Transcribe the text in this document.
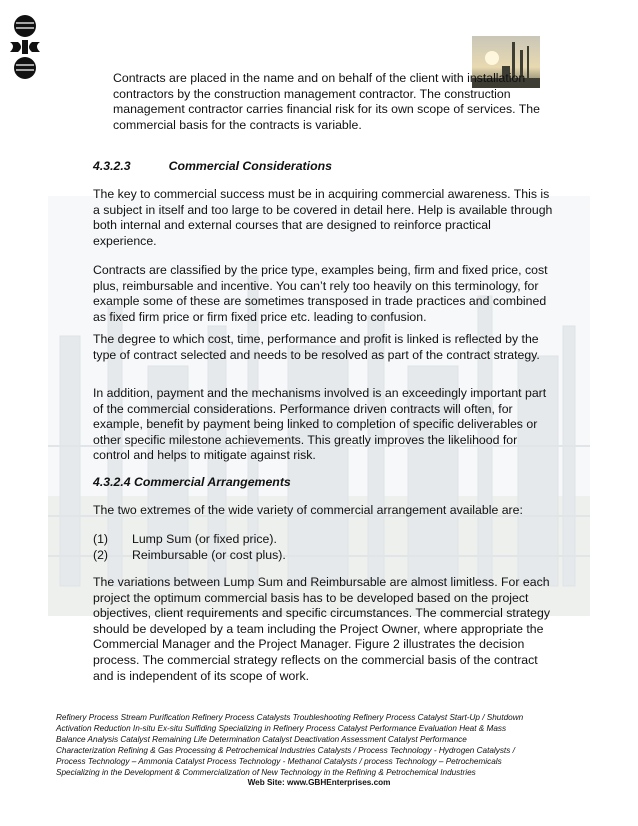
Contracts are placed in the name and on behalf of the client with installation contractors by the construction management contractor. The construction management contractor carries financial risk for its own scope of services. The commercial basis for the contracts is variable.

4.3.2.3	Commercial Considerations

The key to commercial success must be in acquiring commercial awareness. This is a subject in itself and too large to be covered in detail here. Help is available through both internal and external courses that are designed to reinforce practical experience.

Contracts are classified by the price type, examples being, firm and fixed price, cost plus, reimbursable and incentive. You can’t rely too heavily on this terminology, for example some of these are sometimes transposed in trade practices and combined as fixed firm price or firm fixed price etc. leading to confusion.

The degree to which cost, time, performance and profit is linked is reflected by the type of contract selected and needs to be resolved as part of the contract strategy.

In addition, payment and the mechanisms involved is an exceedingly important part of the commercial considerations. Performance driven contracts will often, for example, benefit by payment being linked to completion of specific deliverables or other specific milestone achievements. This greatly improves the likelihood for control and helps to mitigate against risk.

4.3.2.4 Commercial Arrangements

The two extremes of the wide variety of commercial arrangement available are:

(1) Lump Sum (or fixed price).
(2) Reimbursable (or cost plus).

The variations between Lump Sum and Reimbursable are almost limitless. For each project the optimum commercial basis has to be developed based on the project objectives, client requirements and specific circumstances. The commercial strategy should be developed by a team including the Project Owner, where appropriate the Commercial Manager and the Project Manager. Figure 2 illustrates the decision process. The commercial strategy reflects on the commercial basis of the contract and is independent of its scope of work.

Refinery Process Stream Purification Refinery Process Catalysts Troubleshooting Refinery Process Catalyst Start-Up / Shutdown
Activation Reduction In-situ Ex-situ Sulfiding Specializing in Refinery Process Catalyst Performance Evaluation Heat & Mass
Balance Analysis Catalyst Remaining Life Determination Catalyst Deactivation Assessment Catalyst Performance
Characterization Refining & Gas Processing & Petrochemical Industries Catalysts / Process Technology - Hydrogen Catalysts /
Process Technology – Ammonia Catalyst Process Technology - Methanol Catalysts / process Technology – Petrochemicals
Specializing in the Development & Commercialization of New Technology in the Refining & Petrochemical Industries
Web Site: www.GBHEnterprises.com
